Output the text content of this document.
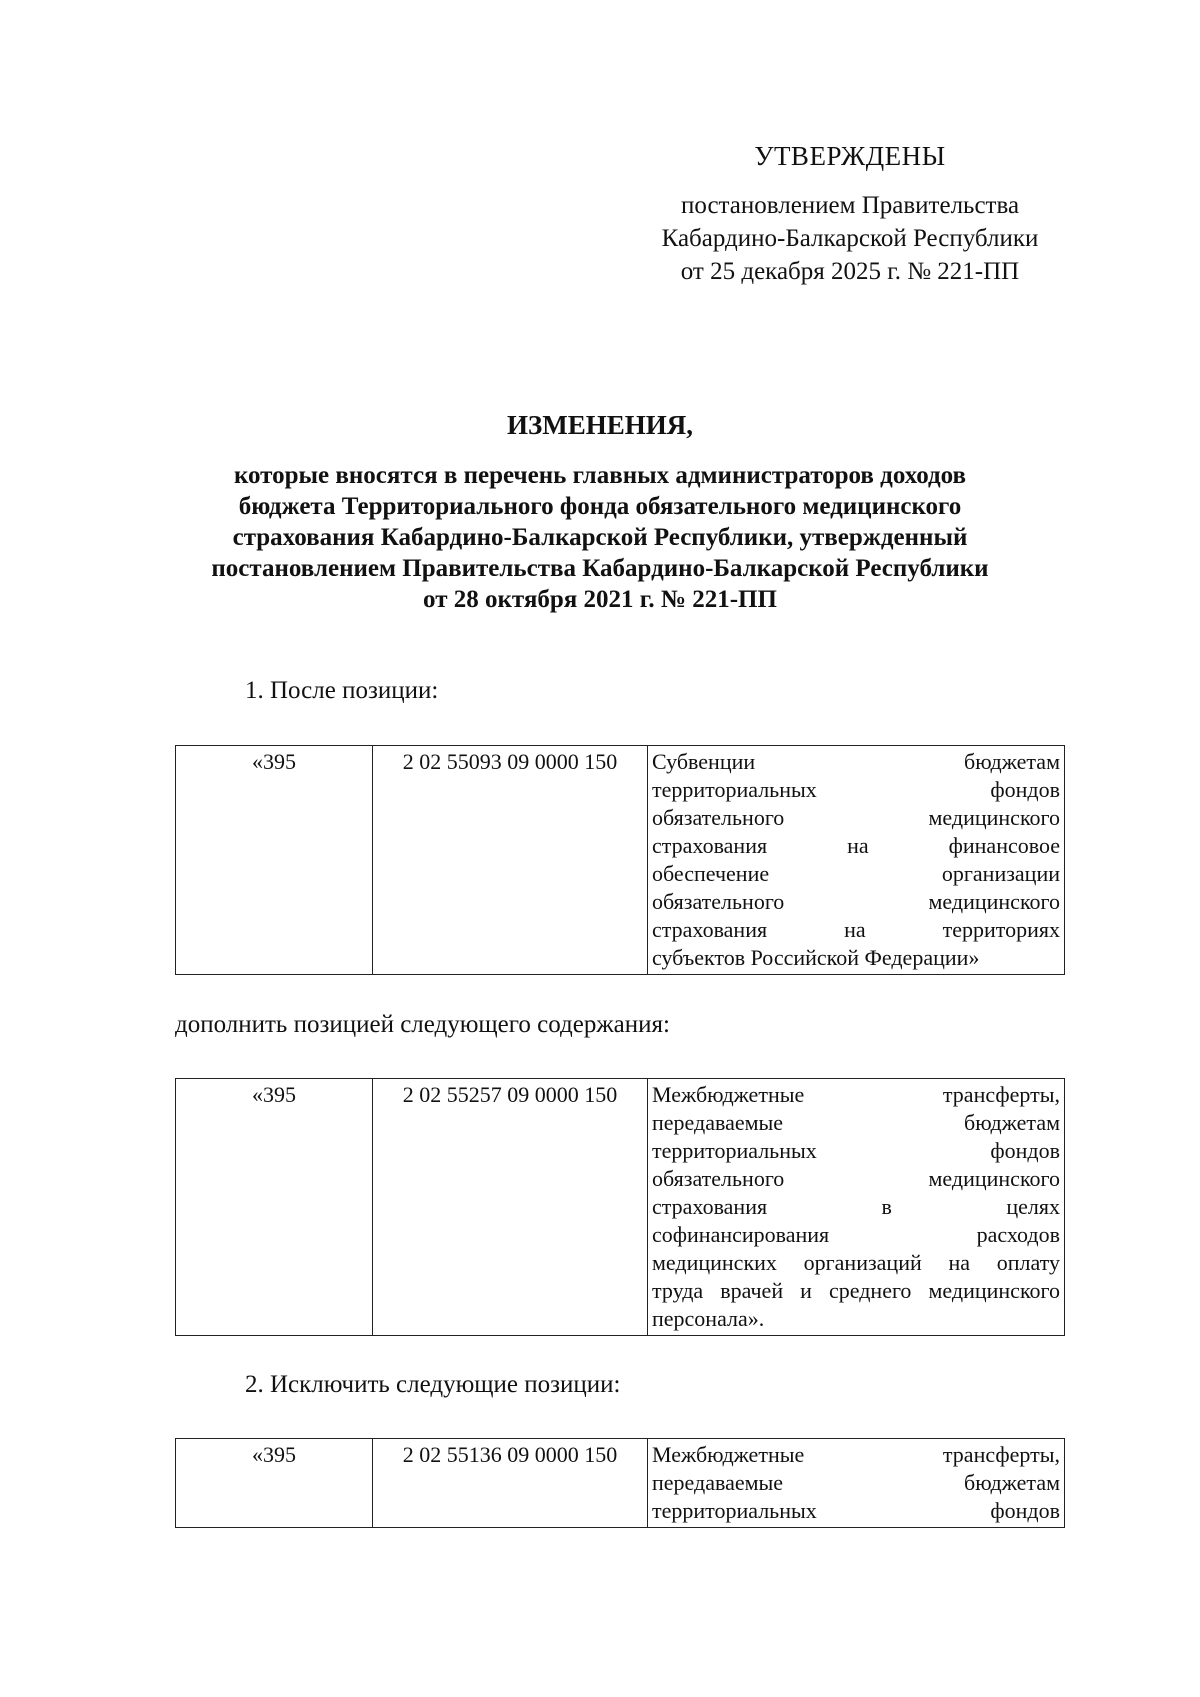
УТВЕРЖДЕНЫ
постановлением Правительства
Кабардино-Балкарской Республики
от 25 декабря 2025 г. № 221-ПП
ИЗМЕНЕНИЯ,
которые вносятся в перечень главных администраторов доходов
бюджета Территориального фонда обязательного медицинского
страхования Кабардино-Балкарской Республики, утвержденный
постановлением Правительства Кабардино-Балкарской Республики
от 28 октября 2021 г. № 221-ПП
1. После позиции:
«395	2 02 55093 09 0000 150	Субвенции бюджетам
территориальных фондов
обязательного медицинского
страхования на финансовое
обеспечение организации
обязательного медицинского
страхования на территориях
субъектов Российской Федерации»
дополнить позицией следующего содержания:
«395	2 02 55257 09 0000 150	Межбюджетные трансферты,
передаваемые бюджетам
территориальных фондов
обязательного медицинского
страхования в целях
софинансирования расходов
медицинских организаций на оплату
труда врачей и среднего медицинского
персонала».
2. Исключить следующие позиции:
«395	2 02 55136 09 0000 150	Межбюджетные трансферты,
передаваемые бюджетам
территориальных фондов
